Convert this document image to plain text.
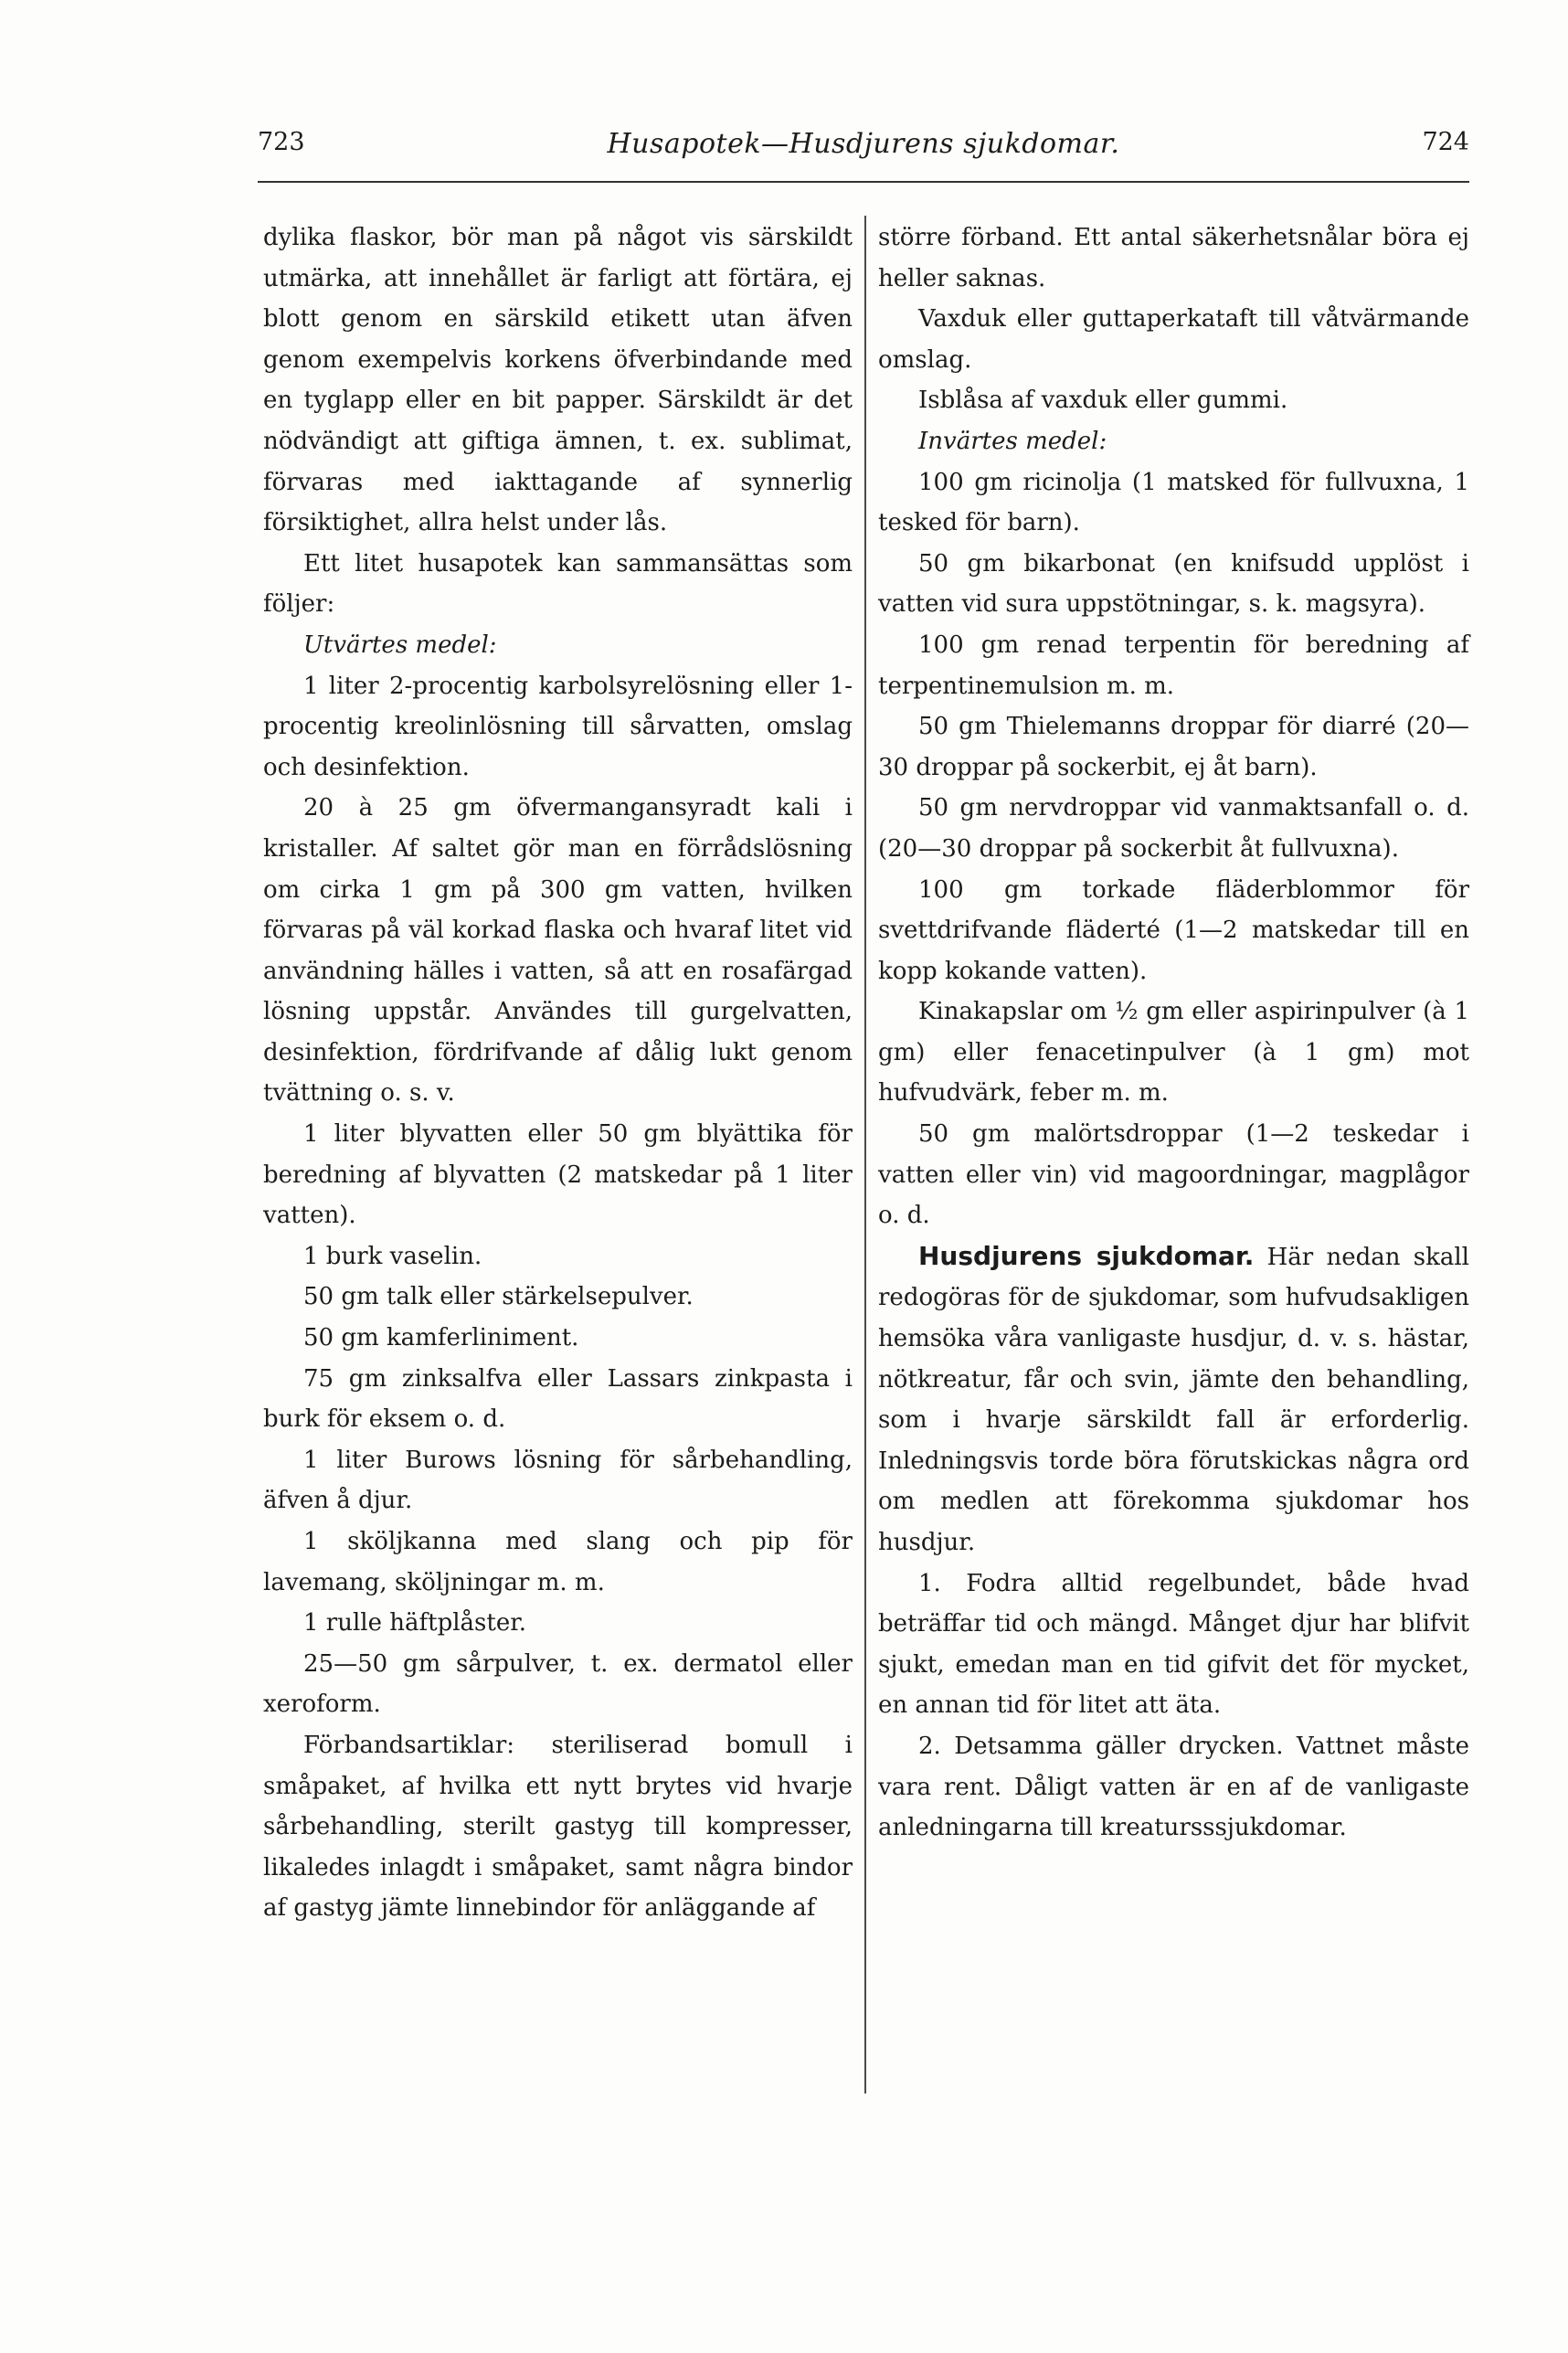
723	Husapotek—Husdjurens sjukdomar.	724

dylika flaskor, bör man på något vis särskildt utmärka, att innehållet är farligt att förtära, ej blott genom en särskild etikett utan äfven genom exempelvis korkens öfverbindande med en tyglapp eller en bit papper. Särskildt är det nödvändigt att giftiga ämnen, t. ex. sublimat, förvaras med iakttagande af synnerlig försiktighet, allra helst under lås.

Ett litet husapotek kan sammansättas som följer:

Utvärtes medel:

1 liter 2-procentig karbolsyrelösning eller 1-procentig kreolinlösning till sårvatten, omslag och desinfektion.

20 à 25 gm öfvermangansyradt kali i kristaller. Af saltet gör man en förrådslösning om cirka 1 gm på 300 gm vatten, hvilken förvaras på väl korkad flaska och hvaraf litet vid användning hälles i vatten, så att en rosafärgad lösning uppstår. Användes till gurgelvatten, desinfektion, fördrifvande af dålig lukt genom tvättning o. s. v.

1 liter blyvatten eller 50 gm blyättika för beredning af blyvatten (2 matskedar på 1 liter vatten).

1 burk vaselin.

50 gm talk eller stärkelsepulver.

50 gm kamferliniment.

75 gm zinksalfva eller Lassars zinkpasta i burk för eksem o. d.

1 liter Burows lösning för sårbehandling, äfven å djur.

1 sköljkanna med slang och pip för lavemang, sköljningar m. m.

1 rulle häftplåster.

25—50 gm sårpulver, t. ex. dermatol eller xeroform.

Förbandsartiklar: steriliserad bomull i småpaket, af hvilka ett nytt brytes vid hvarje sårbehandling, sterilt gastyg till kompresser, likaledes inlagdt i småpaket, samt några bindor af gastyg jämte linnebindor för anläggande af

större förband. Ett antal säkerhetsnålar böra ej heller saknas.

Vaxduk eller guttaperkataft till våtvärmande omslag.

Isblåsa af vaxduk eller gummi.

Invärtes medel:

100 gm ricinolja (1 matsked för fullvuxna, 1 tesked för barn).

50 gm bikarbonat (en knifsudd upplöst i vatten vid sura uppstötningar, s. k. magsyra).

100 gm renad terpentin för beredning af terpentinemulsion m. m.

50 gm Thielemanns droppar för diarré (20—30 droppar på sockerbit, ej åt barn).

50 gm nervdroppar vid vanmaktsanfall o. d. (20—30 droppar på sockerbit åt fullvuxna).

100 gm torkade fläderblommor för svettdrifvande fläderté (1—2 matskedar till en kopp kokande vatten).

Kinakapslar om ½ gm eller aspirinpulver (à 1 gm) eller fenacetinpulver (à 1 gm) mot hufvudvärk, feber m. m.

50 gm malörtsdroppar (1—2 teskedar i vatten eller vin) vid magoordningar, magplågor o. d.

Husdjurens sjukdomar. Här nedan skall redogöras för de sjukdomar, som hufvudsakligen hemsöka våra vanligaste husdjur, d. v. s. hästar, nötkreatur, får och svin, jämte den behandling, som i hvarje särskildt fall är erforderlig. Inledningsvis torde böra förutskickas några ord om medlen att förekomma sjukdomar hos husdjur.

1. Fodra alltid regelbundet, både hvad beträffar tid och mängd. Månget djur har blifvit sjukt, emedan man en tid gifvit det för mycket, en annan tid för litet att äta.

2. Detsamma gäller drycken. Vattnet måste vara rent. Dåligt vatten är en af de vanligaste anledningarna till kreatursssjukdomar.
